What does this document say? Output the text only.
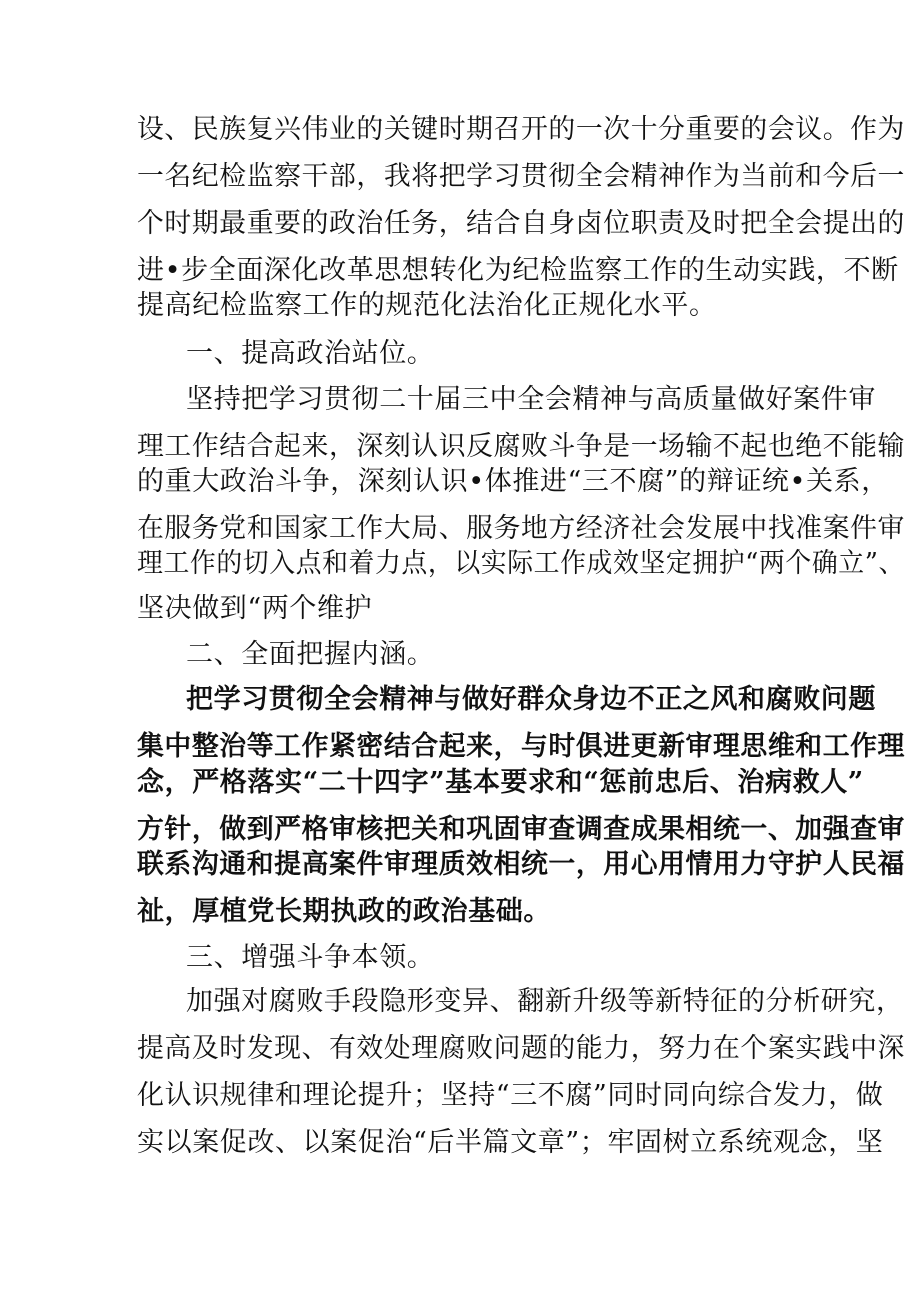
设、民族复兴伟业的关键时期召开的一次十分重要的会议。作为
一名纪检监察干部，我将把学习贯彻全会精神作为当前和今后一
个时期最重要的政治任务，结合自身卤位职责及时把全会提出的
进•步全面深化改革思想转化为纪检监察工作的生动实践，不断
提高纪检监察工作的规范化法治化正规化水平。
一、提高政治站位。
坚持把学习贯彻二十届三中全会精神与高质量做好案件审
理工作结合起来，深刻认识反腐败斗争是一场输不起也绝不能输
的重大政治斗争，深刻认识•体推进“三不腐”的辩证统•关系，
在服务党和国家工作大局、服务地方经济社会发展中找准案件审
理工作的切入点和着力点，以实际工作成效坚定拥护“两个确立”、
坚决做到“两个维护
二、全面把握内涵。
把学习贯彻全会精神与做好群众身边不正之风和腐败问题
集中整治等工作紧密结合起来，与时俱进更新审理思维和工作理
念，严格落实“二十四字”基本要求和“惩前忠后、治病救人”
方针，做到严格审核把关和巩固审查调查成果相统一、加强查审
联系沟通和提高案件审理质效相统一，用心用情用力守护人民福
祉，厚植党长期执政的政治基础。
三、增强斗争本领。
加强对腐败手段隐形变异、翻新升级等新特征的分析研究，
提高及时发现、有效处理腐败问题的能力，努力在个案实践中深
化认识规律和理论提升；坚持“三不腐”同时同向综合发力，做
实以案促改、以案促治“后半篇文章”；牢固树立系统观念，坚
